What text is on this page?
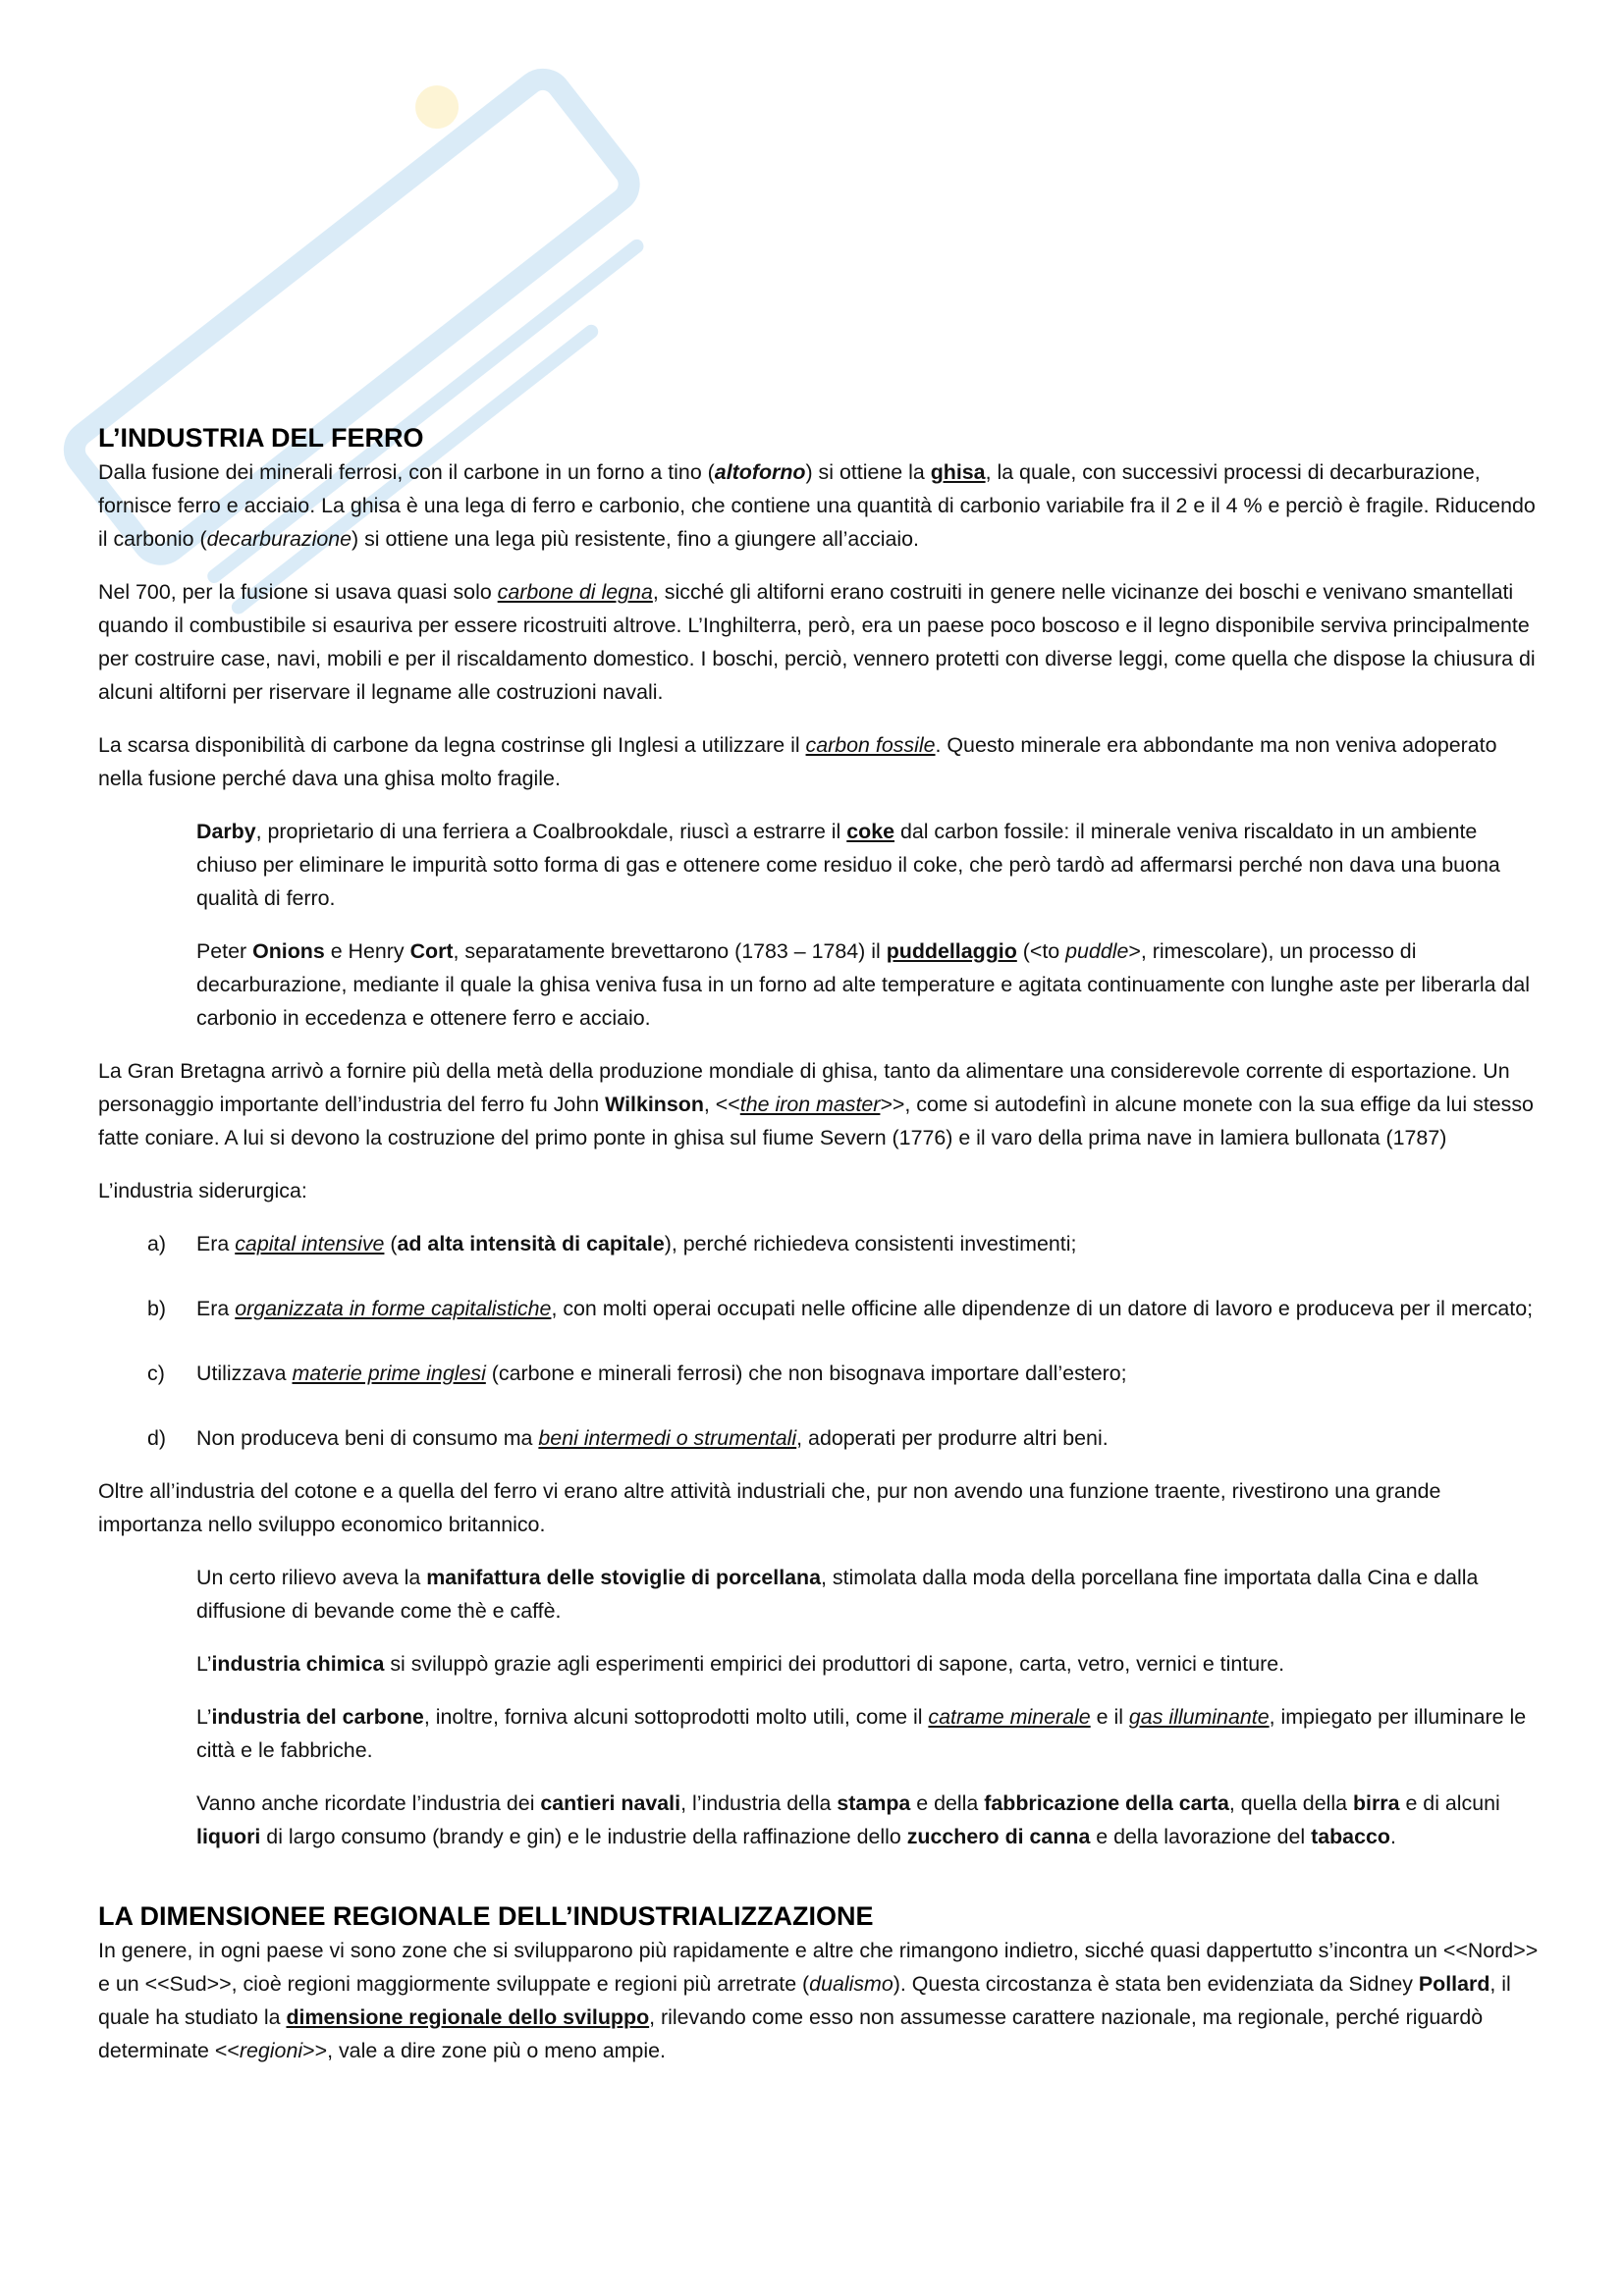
L’INDUSTRIA DEL FERRO

Dalla fusione dei minerali ferrosi, con il carbone in un forno a tino (altoforno) si ottiene la ghisa, la quale, con successivi processi di decarburazione, fornisce ferro e acciaio. La ghisa è una lega di ferro e carbonio, che contiene una quantità di carbonio variabile fra il 2 e il 4 % e perciò è fragile. Riducendo il carbonio (decarburazione) si ottiene una lega più resistente, fino a giungere all’acciaio.

Nel 700, per la fusione si usava quasi solo carbone di legna, sicché gli altiforni erano costruiti in genere nelle vicinanze dei boschi e venivano smantellati quando il combustibile si esauriva per essere ricostruiti altrove. L’Inghilterra, però, era un paese poco boscoso e il legno disponibile serviva principalmente per costruire case, navi, mobili e per il riscaldamento domestico. I boschi, perciò, vennero protetti con diverse leggi, come quella che dispose la chiusura di alcuni altiforni per riservare il legname alle costruzioni navali.

La scarsa disponibilità di carbone da legna costrinse gli Inglesi a utilizzare il carbon fossile. Questo minerale era abbondante ma non veniva adoperato nella fusione perché dava una ghisa molto fragile.

Darby, proprietario di una ferriera a Coalbrookdale, riuscì a estrarre il coke dal carbon fossile: il minerale veniva riscaldato in un ambiente chiuso per eliminare le impurità sotto forma di gas e ottenere come residuo il coke, che però tardò ad affermarsi perché non dava una buona qualità di ferro.

Peter Onions e Henry Cort, separatamente brevettarono (1783 – 1784) il puddellaggio (<to puddle>, rimescolare), un processo di decarburazione, mediante il quale la ghisa veniva fusa in un forno ad alte temperature e agitata continuamente con lunghe aste per liberarla dal carbonio in eccedenza e ottenere ferro e acciaio.

La Gran Bretagna arrivò a fornire più della metà della produzione mondiale di ghisa, tanto da alimentare una considerevole corrente di esportazione. Un personaggio importante dell’industria del ferro fu John Wilkinson, <<the iron master>>, come si autodefinì in alcune monete con la sua effige da lui stesso fatte coniare. A lui si devono la costruzione del primo ponte in ghisa sul fiume Severn (1776) e il varo della prima nave in lamiera bullonata (1787)

L’industria siderurgica:

a)	Era capital intensive (ad alta intensità di capitale), perché richiedeva consistenti investimenti;
b)	Era organizzata in forme capitalistiche, con molti operai occupati nelle officine alle dipendenze di un datore di lavoro e produceva per il mercato;
c)	Utilizzava materie prime inglesi (carbone e minerali ferrosi) che non bisognava importare dall’estero;
d)	Non produceva beni di consumo ma beni intermedi o strumentali, adoperati per produrre altri beni.

Oltre all’industria del cotone e a quella del ferro vi erano altre attività industriali che, pur non avendo una funzione traente, rivestirono una grande importanza nello sviluppo economico britannico.

Un certo rilievo aveva la manifattura delle stoviglie di porcellana, stimolata dalla moda della porcellana fine importata dalla Cina e dalla diffusione di bevande come thè e caffè.

L’industria chimica si sviluppò grazie agli esperimenti empirici dei produttori di sapone, carta, vetro, vernici e tinture.

L’industria del carbone, inoltre, forniva alcuni sottoprodotti molto utili, come il catrame minerale e il gas illuminante, impiegato per illuminare le città e le fabbriche.

Vanno anche ricordate l’industria dei cantieri navali, l’industria della stampa e della fabbricazione della carta, quella della birra e di alcuni liquori di largo consumo (brandy e gin) e le industrie della raffinazione dello zucchero di canna e della lavorazione del tabacco.

LA DIMENSIONEE REGIONALE DELL’INDUSTRIALIZZAZIONE

In genere, in ogni paese vi sono zone che si svilupparono più rapidamente e altre che rimangono indietro, sicché quasi dappertutto s’incontra un <<Nord>> e un <<Sud>>, cioè regioni maggiormente sviluppate e regioni più arretrate (dualismo). Questa circostanza è stata ben evidenziata da Sidney Pollard, il quale ha studiato la dimensione regionale dello sviluppo, rilevando come esso non assumesse carattere nazionale, ma regionale, perché riguardò determinate <<regioni>>, vale a dire zone più o meno ampie.
